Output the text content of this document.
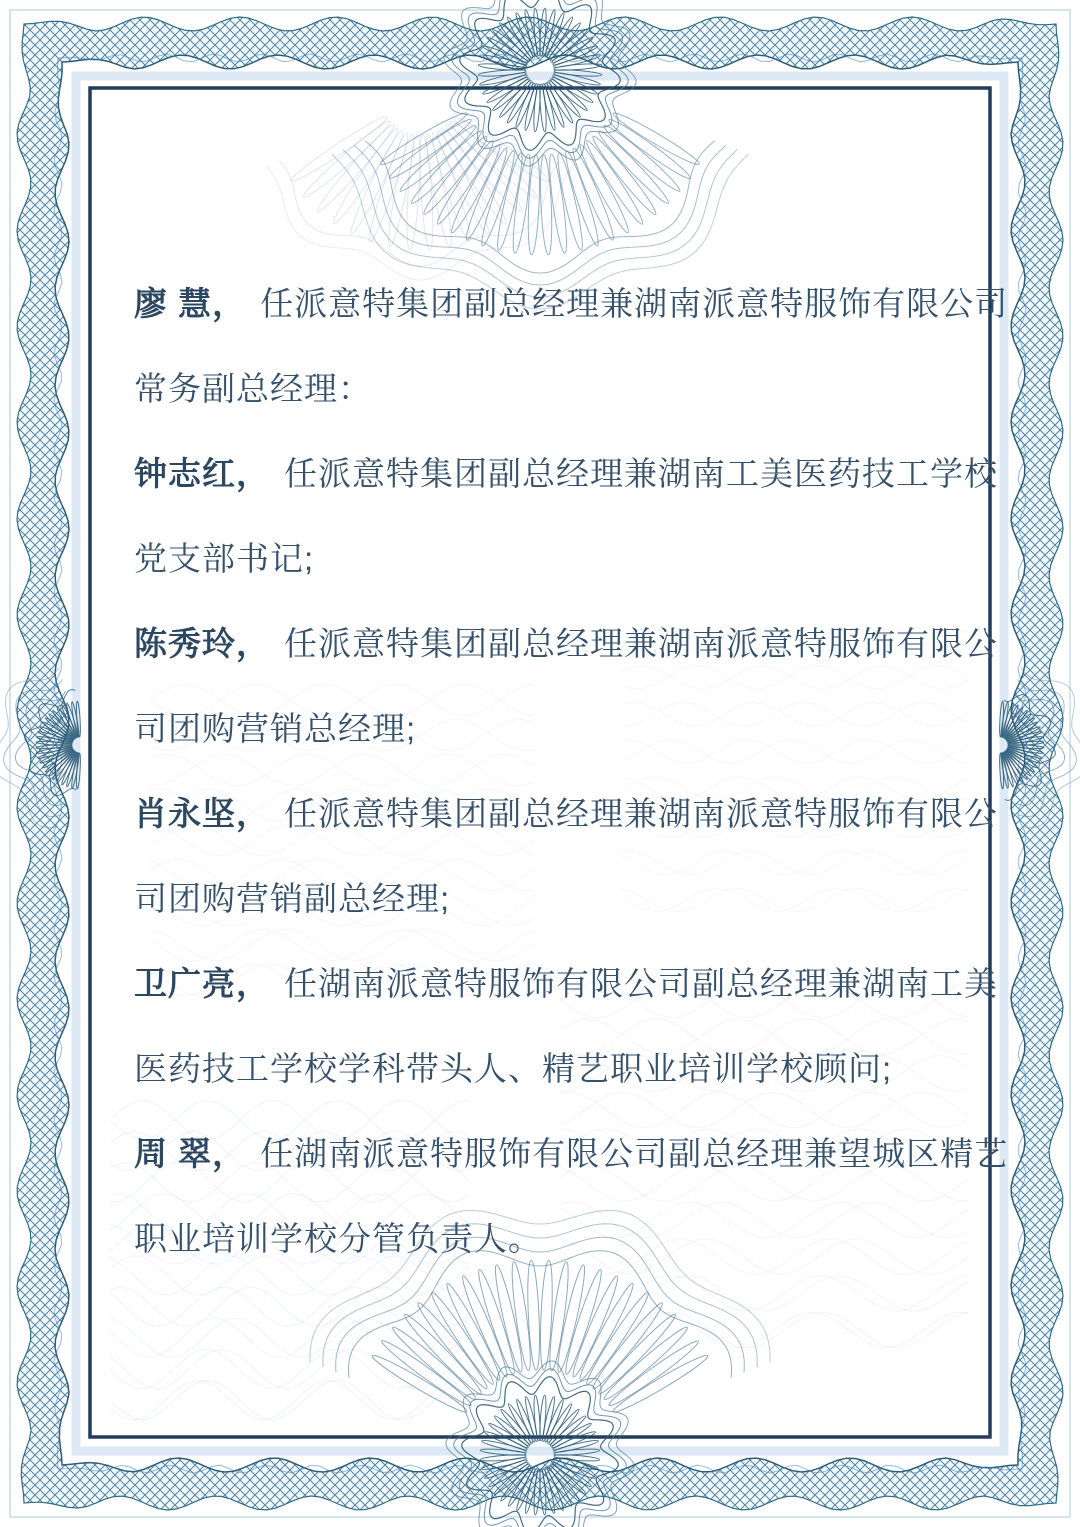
廖 慧， 任派意特集团副总经理兼湖南派意特服饰有限公司
常务副总经理：

钟志红， 任派意特集团副总经理兼湖南工美医药技工学校
党支部书记;

陈秀玲， 任派意特集团副总经理兼湖南派意特服饰有限公
司团购营销总经理;

肖永坚， 任派意特集团副总经理兼湖南派意特服饰有限公
司团购营销副总经理;

卫广亮， 任湖南派意特服饰有限公司副总经理兼湖南工美
医药技工学校学科带头人、精艺职业培训学校顾问;

周 翠， 任湖南派意特服饰有限公司副总经理兼望城区精艺
职业培训学校分管负责人。
